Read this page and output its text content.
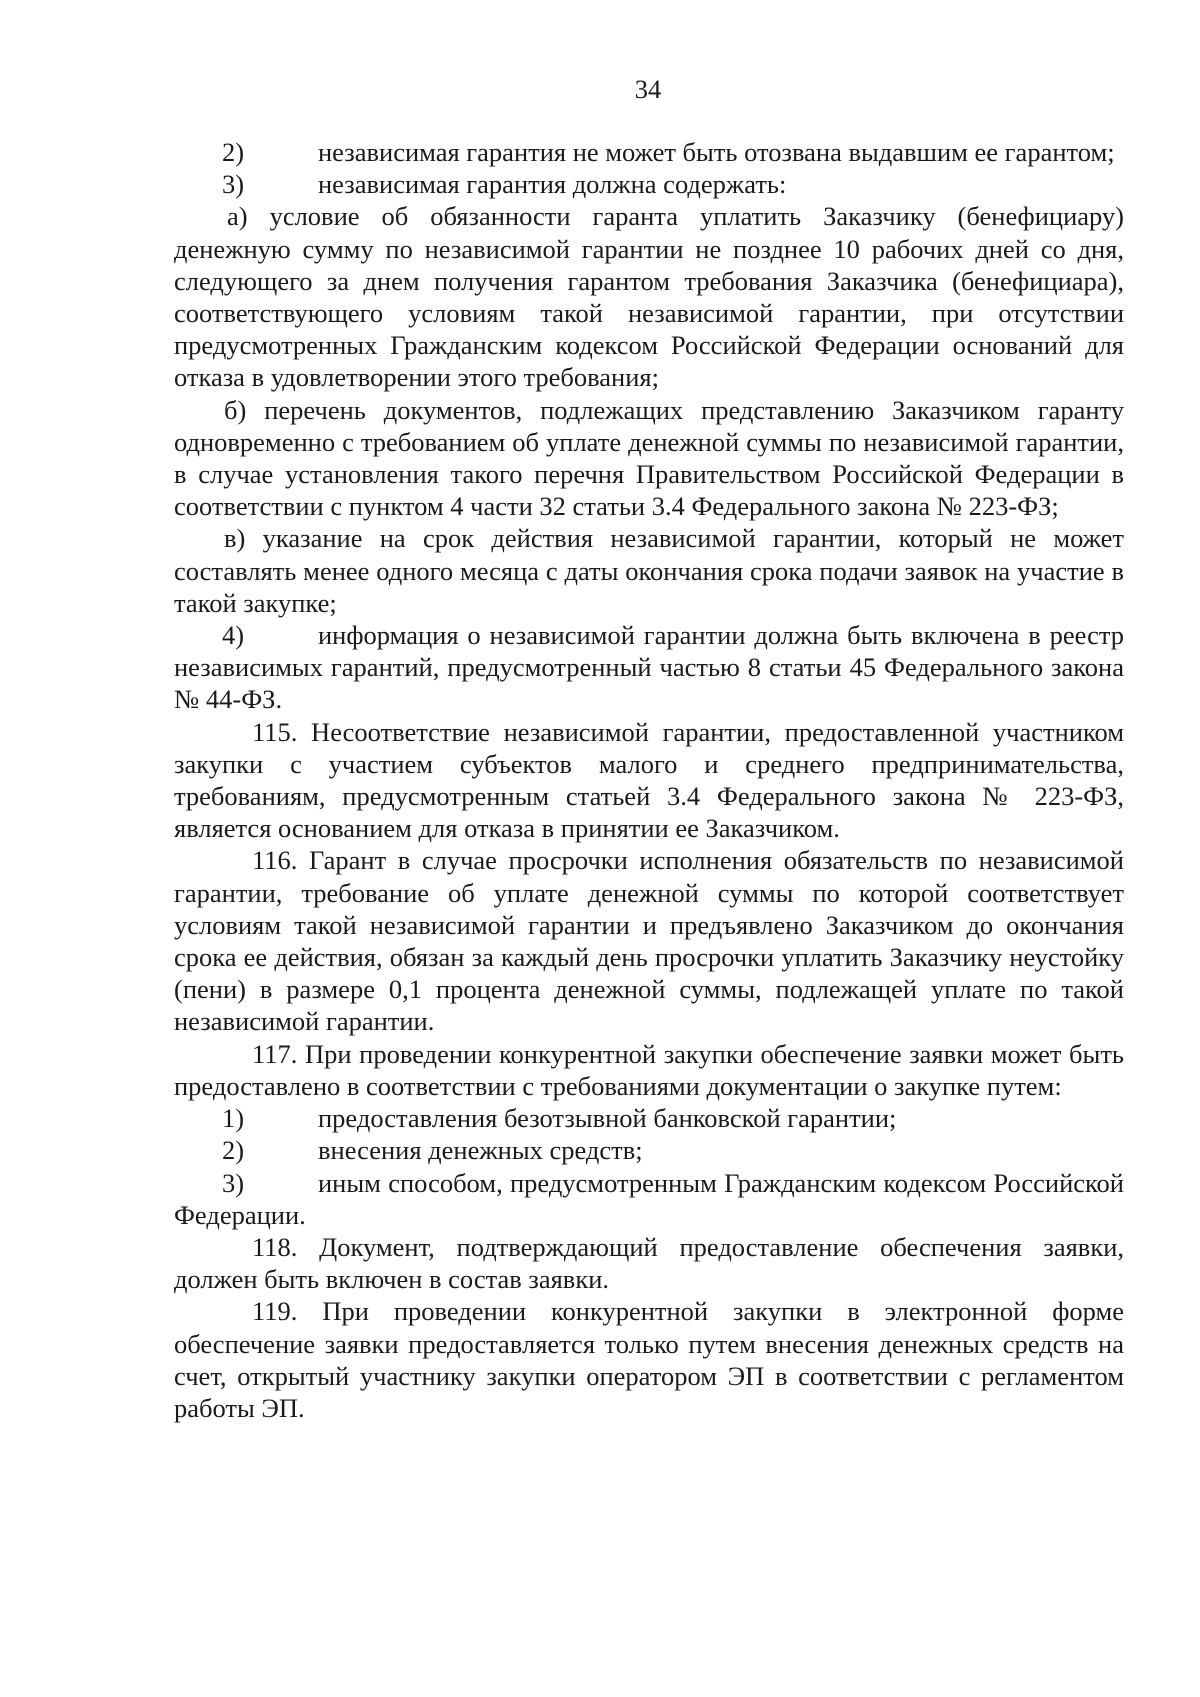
34

2)	независимая гарантия не может быть отозвана выдавшим ее гарантом;

3)	независимая гарантия должна содержать:

а) условие об обязанности гаранта уплатить Заказчику (бенефициару) денежную сумму по независимой гарантии не позднее 10 рабочих дней со дня, следующего за днем получения гарантом требования Заказчика (бенефициара), соответствующего условиям такой независимой гарантии, при отсутствии предусмотренных Гражданским кодексом Российской Федерации оснований для отказа в удовлетворении этого требования;

б) перечень документов, подлежащих представлению Заказчиком гаранту одновременно с требованием об уплате денежной суммы по независимой гарантии, в случае установления такого перечня Правительством Российской Федерации в соответствии с пунктом 4 части 32 статьи 3.4 Федерального закона № 223-ФЗ;

в) указание на срок действия независимой гарантии, который не может составлять менее одного месяца с даты окончания срока подачи заявок на участие в такой закупке;

4)	информация о независимой гарантии должна быть включена в реестр независимых гарантий, предусмотренный частью 8 статьи 45 Федерального закона № 44-ФЗ.

115. Несоответствие независимой гарантии, предоставленной участником закупки с участием субъектов малого и среднего предпринимательства, требованиям, предусмотренным статьей 3.4 Федерального закона № 223-ФЗ, является основанием для отказа в принятии ее Заказчиком.

116. Гарант в случае просрочки исполнения обязательств по независимой гарантии, требование об уплате денежной суммы по которой соответствует условиям такой независимой гарантии и предъявлено Заказчиком до окончания срока ее действия, обязан за каждый день просрочки уплатить Заказчику неустойку (пени) в размере 0,1 процента денежной суммы, подлежащей уплате по такой независимой гарантии.

117. При проведении конкурентной закупки обеспечение заявки может быть предоставлено в соответствии с требованиями документации о закупке путем:

1)	предоставления безотзывной банковской гарантии;

2)	внесения денежных средств;

3)	иным способом, предусмотренным Гражданским кодексом Российской Федерации.

118. Документ, подтверждающий предоставление обеспечения заявки, должен быть включен в состав заявки.

119. При проведении конкурентной закупки в электронной форме обеспечение заявки предоставляется только путем внесения денежных средств на счет, открытый участнику закупки оператором ЭП в соответствии с регламентом работы ЭП.
